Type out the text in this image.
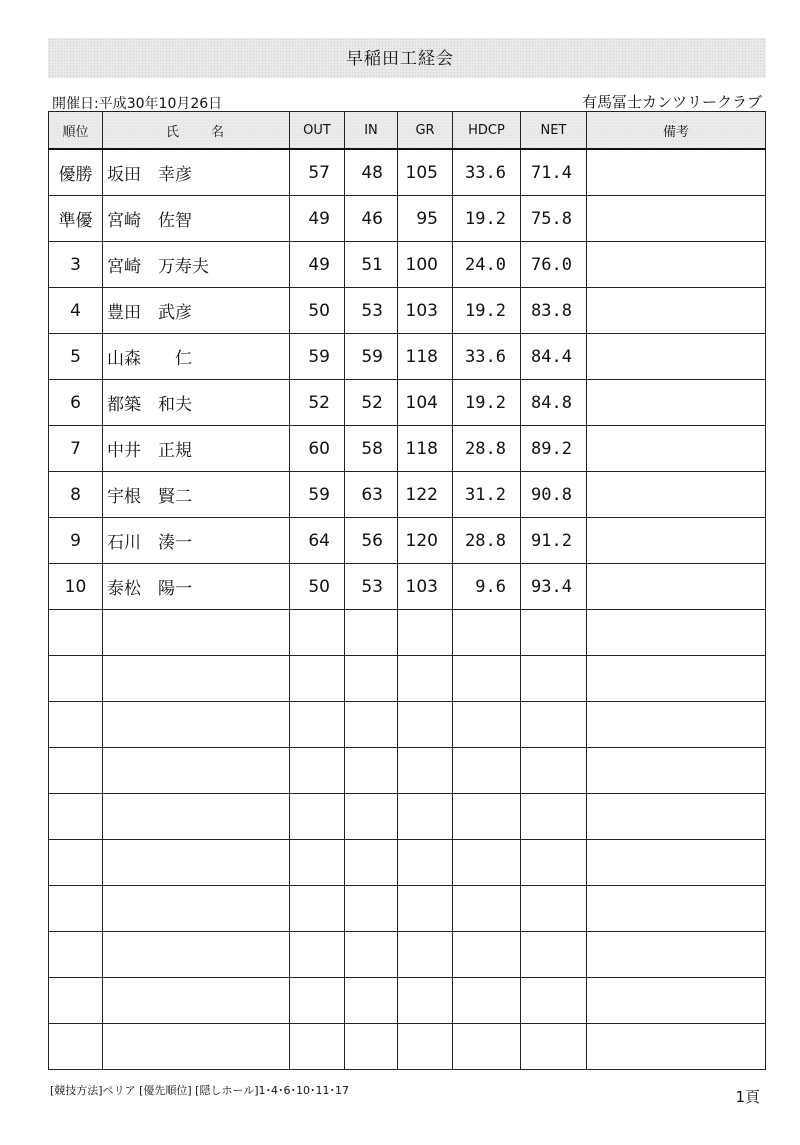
早稲田工経会
開催日:平成30年10月26日	有馬冨士カンツリークラブ
順位	氏　　名	OUT	IN	GR	HDCP	NET	備考
優勝	坂田　幸彦	57	48	105	33.6	71.4	
準優	宮崎　佐智	49	46	95	19.2	75.8	
3	宮崎　万寿夫	49	51	100	24.0	76.0	
4	豊田　武彦	50	53	103	19.2	83.8	
5	山森　　仁	59	59	118	33.6	84.4	
6	都築　和夫	52	52	104	19.2	84.8	
7	中井　正規	60	58	118	28.8	89.2	
8	宇根　賢二	59	63	122	31.2	90.8	
9	石川　湊一	64	56	120	28.8	91.2	
10	泰松　陽一	50	53	103	9.6	93.4	

[競技方法]ペリア [優先順位] [隠しホール]1･4･6･10･11･17	1頁
